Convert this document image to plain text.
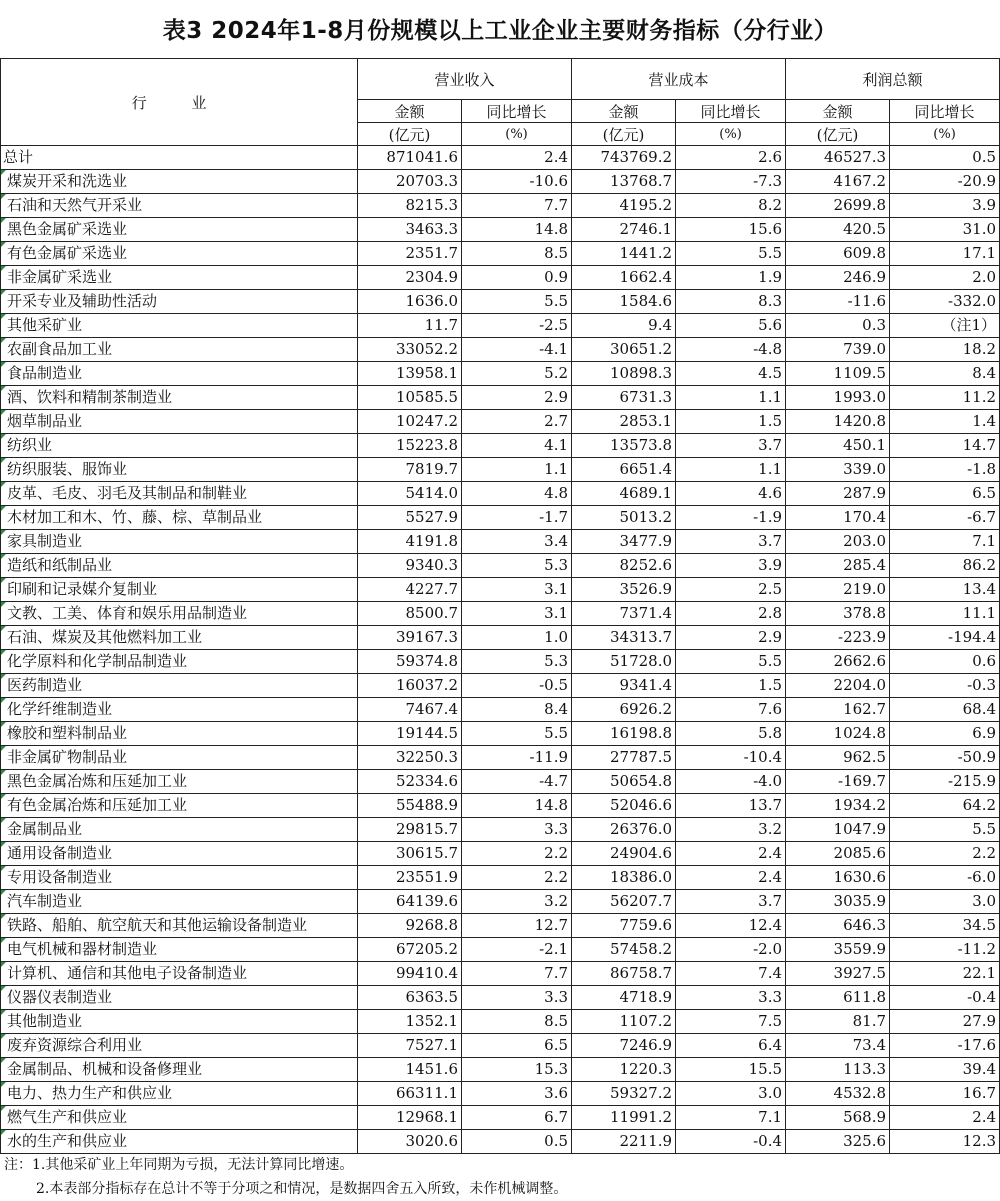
表3 2024年1-8月份规模以上工业企业主要财务指标（分行业）
行 业	营业收入		营业成本		利润总额	
	金额	同比增长	金额	同比增长	金额	同比增长
	(亿元)	(%)	(亿元)	(%)	(亿元)	(%)
总计	871041.6	2.4	743769.2	2.6	46527.3	0.5
煤炭开采和洗选业	20703.3	-10.6	13768.7	-7.3	4167.2	-20.9
石油和天然气开采业	8215.3	7.7	4195.2	8.2	2699.8	3.9
黑色金属矿采选业	3463.3	14.8	2746.1	15.6	420.5	31.0
有色金属矿采选业	2351.7	8.5	1441.2	5.5	609.8	17.1
非金属矿采选业	2304.9	0.9	1662.4	1.9	246.9	2.0
开采专业及辅助性活动	1636.0	5.5	1584.6	8.3	-11.6	-332.0
其他采矿业	11.7	-2.5	9.4	5.6	0.3	（注1）
农副食品加工业	33052.2	-4.1	30651.2	-4.8	739.0	18.2
食品制造业	13958.1	5.2	10898.3	4.5	1109.5	8.4
酒、饮料和精制茶制造业	10585.5	2.9	6731.3	1.1	1993.0	11.2
烟草制品业	10247.2	2.7	2853.1	1.5	1420.8	1.4
纺织业	15223.8	4.1	13573.8	3.7	450.1	14.7
纺织服装、服饰业	7819.7	1.1	6651.4	1.1	339.0	-1.8
皮革、毛皮、羽毛及其制品和制鞋业	5414.0	4.8	4689.1	4.6	287.9	6.5
木材加工和木、竹、藤、棕、草制品业	5527.9	-1.7	5013.2	-1.9	170.4	-6.7
家具制造业	4191.8	3.4	3477.9	3.7	203.0	7.1
造纸和纸制品业	9340.3	5.3	8252.6	3.9	285.4	86.2
印刷和记录媒介复制业	4227.7	3.1	3526.9	2.5	219.0	13.4
文教、工美、体育和娱乐用品制造业	8500.7	3.1	7371.4	2.8	378.8	11.1
石油、煤炭及其他燃料加工业	39167.3	1.0	34313.7	2.9	-223.9	-194.4
化学原料和化学制品制造业	59374.8	5.3	51728.0	5.5	2662.6	0.6
医药制造业	16037.2	-0.5	9341.4	1.5	2204.0	-0.3
化学纤维制造业	7467.4	8.4	6926.2	7.6	162.7	68.4
橡胶和塑料制品业	19144.5	5.5	16198.8	5.8	1024.8	6.9
非金属矿物制品业	32250.3	-11.9	27787.5	-10.4	962.5	-50.9
黑色金属冶炼和压延加工业	52334.6	-4.7	50654.8	-4.0	-169.7	-215.9
有色金属冶炼和压延加工业	55488.9	14.8	52046.6	13.7	1934.2	64.2
金属制品业	29815.7	3.3	26376.0	3.2	1047.9	5.5
通用设备制造业	30615.7	2.2	24904.6	2.4	2085.6	2.2
专用设备制造业	23551.9	2.2	18386.0	2.4	1630.6	-6.0
汽车制造业	64139.6	3.2	56207.7	3.7	3035.9	3.0
铁路、船舶、航空航天和其他运输设备制造业	9268.8	12.7	7759.6	12.4	646.3	34.5
电气机械和器材制造业	67205.2	-2.1	57458.2	-2.0	3559.9	-11.2
计算机、通信和其他电子设备制造业	99410.4	7.7	86758.7	7.4	3927.5	22.1
仪器仪表制造业	6363.5	3.3	4718.9	3.3	611.8	-0.4
其他制造业	1352.1	8.5	1107.2	7.5	81.7	27.9
废弃资源综合利用业	7527.1	6.5	7246.9	6.4	73.4	-17.6
金属制品、机械和设备修理业	1451.6	15.3	1220.3	15.5	113.3	39.4
电力、热力生产和供应业	66311.1	3.6	59327.2	3.0	4532.8	16.7
燃气生产和供应业	12968.1	6.7	11991.2	7.1	568.9	2.4
水的生产和供应业	3020.6	0.5	2211.9	-0.4	325.6	12.3
注：1.其他采矿业上年同期为亏损，无法计算同比增速。
2.本表部分指标存在总计不等于分项之和情况，是数据四舍五入所致，未作机械调整。
